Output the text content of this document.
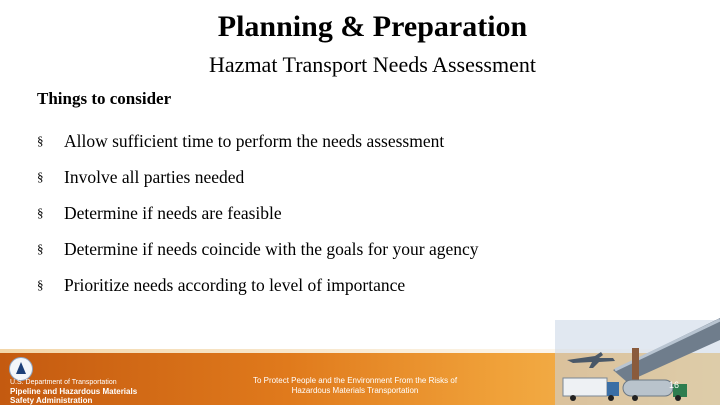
Planning & Preparation
Hazmat Transport Needs Assessment
Things to consider
§	Allow sufficient time to perform the needs assessment
§	Involve all parties needed
§	Determine if needs are feasible
§	Determine if needs coincide with the goals for your agency
§	Prioritize needs according to level of importance
U.S. Department of Transportation
Pipeline and Hazardous Materials
Safety Administration
To Protect People and the Environment From the Risks of
Hazardous Materials Transportation
16
